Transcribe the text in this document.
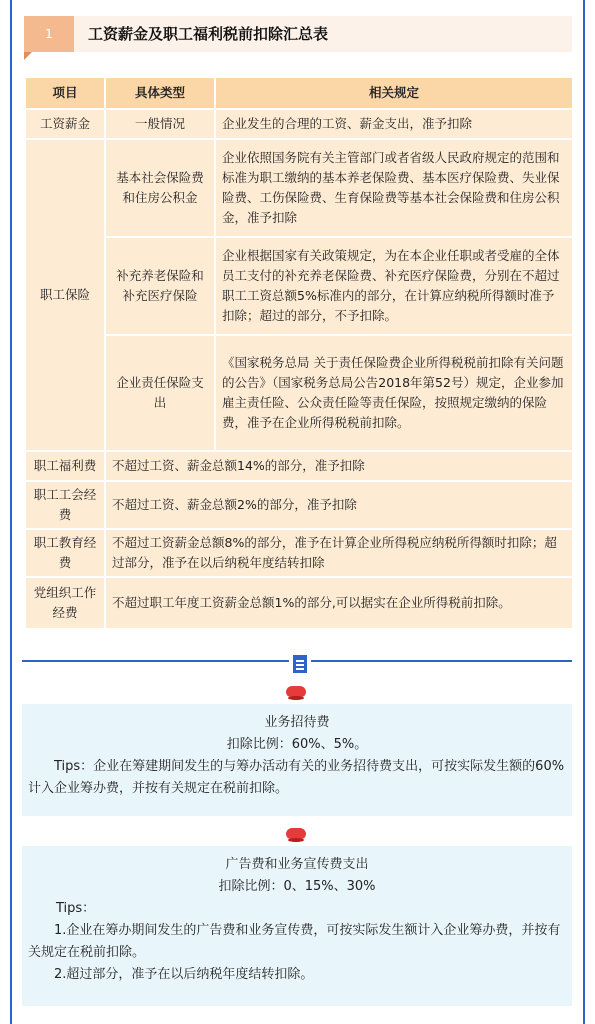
1	工资薪金及职工福利税前扣除汇总表
项目	具体类型	相关规定
工资薪金	一般情况	企业发生的合理的工资、薪金支出，准予扣除
职工保险	基本社会保险费和住房公积金	企业依照国务院有关主管部门或者省级人民政府规定的范围和标准为职工缴纳的基本养老保险费、基本医疗保险费、失业保险费、工伤保险费、生育保险费等基本社会保险费和住房公积金，准予扣除
	补充养老保险和补充医疗保险	企业根据国家有关政策规定，为在本企业任职或者受雇的全体员工支付的补充养老保险费、补充医疗保险费，分别在不超过职工工资总额5%标准内的部分，在计算应纳税所得额时准予扣除；超过的部分，不予扣除。
	企业责任保险支出	《国家税务总局 关于责任保险费企业所得税税前扣除有关问题的公告》（国家税务总局公告2018年第52号）规定，企业参加雇主责任险、公众责任险等责任保险，按照规定缴纳的保险费，准予在企业所得税税前扣除。
职工福利费	不超过工资、薪金总额14%的部分，准予扣除	
职工工会经费	不超过工资、薪金总额2%的部分，准予扣除	
职工教育经费	不超过工资薪金总额8%的部分，准予在计算企业所得税应纳税所得额时扣除；超过部分，准予在以后纳税年度结转扣除	
党组织工作经费	不超过职工年度工资薪金总额1%的部分,可以据实在企业所得税前扣除。	
业务招待费
扣除比例：60%、5%。
Tips：企业在筹建期间发生的与筹办活动有关的业务招待费支出，可按实际发生额的60%计入企业筹办费，并按有关规定在税前扣除。
广告费和业务宣传费支出
扣除比例：0、15%、30%
Tips：
1.企业在筹办期间发生的广告费和业务宣传费，可按实际发生额计入企业筹办费，并按有关规定在税前扣除。
2.超过部分，准予在以后纳税年度结转扣除。
